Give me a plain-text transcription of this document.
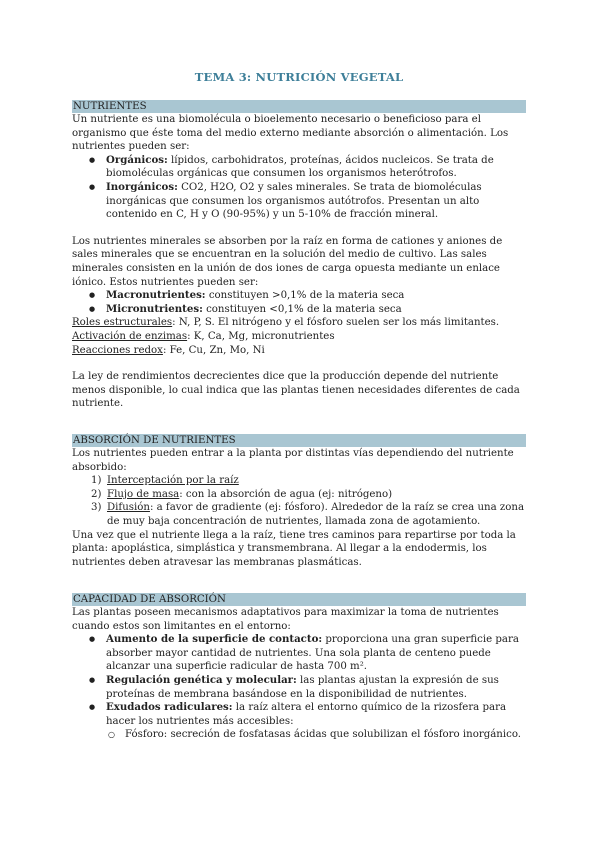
TEMA 3: NUTRICIÓN VEGETAL
NUTRIENTES

Un nutriente es una biomolécula o bioelemento necesario o beneficioso para el organismo que éste toma del medio externo mediante absorción o alimentación. Los nutrientes pueden ser:

● Orgánicos: lípidos, carbohidratos, proteínas, ácidos nucleicos. Se trata de biomoléculas orgánicas que consumen los organismos heterótrofos.
● Inorgánicos: CO2, H2O, O2 y sales minerales. Se trata de biomoléculas inorgánicas que consumen los organismos autótrofos. Presentan un alto contenido en C, H y O (90-95%) y un 5-10% de fracción mineral.

Los nutrientes minerales se absorben por la raíz en forma de cationes y aniones de sales minerales que se encuentran en la solución del medio de cultivo. Las sales minerales consisten en la unión de dos iones de carga opuesta mediante un enlace iónico. Estos nutrientes pueden ser:

● Macronutrientes: constituyen >0,1% de la materia seca
● Micronutrientes: constituyen <0,1% de la materia seca

Roles estructurales: N, P, S. El nitrógeno y el fósforo suelen ser los más limitantes.

Activación de enzimas: K, Ca, Mg, micronutrientes

Reacciones redox: Fe, Cu, Zn, Mo, Ni

La ley de rendimientos decrecientes dice que la producción depende del nutriente menos disponible, lo cual indica que las plantas tienen necesidades diferentes de cada nutriente.

ABSORCIÓN DE NUTRIENTES

Los nutrientes pueden entrar a la planta por distintas vías dependiendo del nutriente absorbido:

1) Interceptación por la raíz
2) Flujo de masa: con la absorción de agua (ej: nitrógeno)
3) Difusión: a favor de gradiente (ej: fósforo). Alrededor de la raíz se crea una zona de muy baja concentración de nutrientes, llamada zona de agotamiento.

Una vez que el nutriente llega a la raíz, tiene tres caminos para repartirse por toda la planta: apoplástica, simplástica y transmembrana. Al llegar a la endodermis, los nutrientes deben atravesar las membranas plasmáticas.

CAPACIDAD DE ABSORCIÓN

Las plantas poseen mecanismos adaptativos para maximizar la toma de nutrientes cuando estos son limitantes en el entorno:

● Aumento de la superficie de contacto: proporciona una gran superficie para absorber mayor cantidad de nutrientes. Una sola planta de centeno puede alcanzar una superficie radicular de hasta 700 m².
● Regulación genética y molecular: las plantas ajustan la expresión de sus proteínas de membrana basándose en la disponibilidad de nutrientes.
● Exudados radiculares: la raíz altera el entorno químico de la rizosfera para hacer los nutrientes más accesibles:
○ Fósforo: secreción de fosfatasas ácidas que solubilizan el fósforo inorgánico.
